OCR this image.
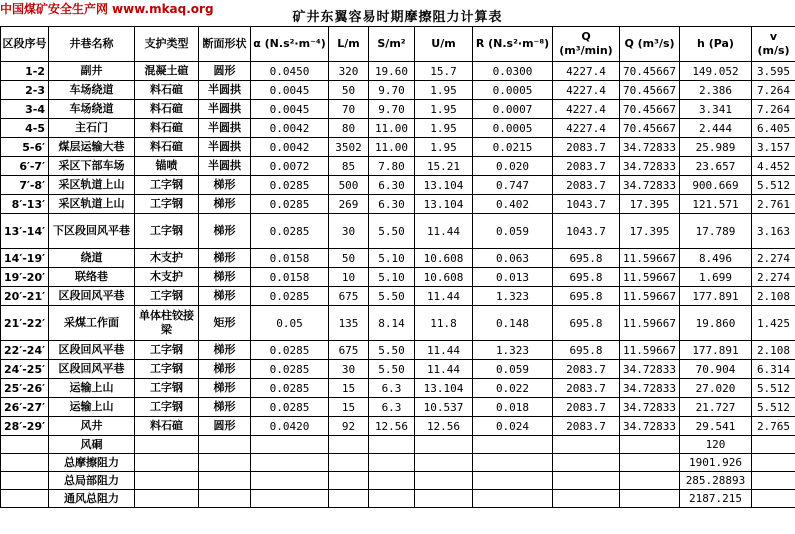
中国煤矿安全生产网 www.mkaq.org
矿井东翼容易时期摩擦阻力计算表
区段序号	井巷名称	支护类型	断面形状	α (N.s²·m⁻⁴)	L/m	S/m²	U/m	R (N.s²·m⁻⁸)	Q (m³/min)	Q (m³/s)	h (Pa)	v (m/s)
1-2	副井	混凝土碹	圆形	0.0450	320	19.60	15.7	0.0300	4227.4	70.45667	149.052	3.595
2-3	车场绕道	料石碹	半圆拱	0.0045	50	9.70	1.95	0.0005	4227.4	70.45667	2.386	7.264
3-4	车场绕道	料石碹	半圆拱	0.0045	70	9.70	1.95	0.0007	4227.4	70.45667	3.341	7.264
4-5	主石门	料石碹	半圆拱	0.0042	80	11.00	1.95	0.0005	4227.4	70.45667	2.444	6.405
5-6′	煤层运输大巷	料石碹	半圆拱	0.0042	3502	11.00	1.95	0.0215	2083.7	34.72833	25.989	3.157
6′-7′	采区下部车场	锚喷	半圆拱	0.0072	85	7.80	15.21	0.020	2083.7	34.72833	23.657	4.452
7′-8′	采区轨道上山	工字钢	梯形	0.0285	500	6.30	13.104	0.747	2083.7	34.72833	900.669	5.512
8′-13′	采区轨道上山	工字钢	梯形	0.0285	269	6.30	13.104	0.402	1043.7	17.395	121.571	2.761
13′-14′	下区段回风平巷	工字钢	梯形	0.0285	30	5.50	11.44	0.059	1043.7	17.395	17.789	3.163
14′-19′	绕道	木支护	梯形	0.0158	50	5.10	10.608	0.063	695.8	11.59667	8.496	2.274
19′-20′	联络巷	木支护	梯形	0.0158	10	5.10	10.608	0.013	695.8	11.59667	1.699	2.274
20′-21′	区段回风平巷	工字钢	梯形	0.0285	675	5.50	11.44	1.323	695.8	11.59667	177.891	2.108
21′-22′	采煤工作面	单体柱铰接梁	矩形	0.05	135	8.14	11.8	0.148	695.8	11.59667	19.860	1.425
22′-24′	区段回风平巷	工字钢	梯形	0.0285	675	5.50	11.44	1.323	695.8	11.59667	177.891	2.108
24′-25′	区段回风平巷	工字钢	梯形	0.0285	30	5.50	11.44	0.059	2083.7	34.72833	70.904	6.314
25′-26′	运输上山	工字钢	梯形	0.0285	15	6.3	13.104	0.022	2083.7	34.72833	27.020	5.512
26′-27′	运输上山	工字钢	梯形	0.0285	15	6.3	10.537	0.018	2083.7	34.72833	21.727	5.512
28′-29′	风井	料石碹	圆形	0.0420	92	12.56	12.56	0.024	2083.7	34.72833	29.541	2.765
	风硐										120	
	总摩擦阻力										1901.926	
	总局部阻力										285.28893	
	通风总阻力										2187.215	
